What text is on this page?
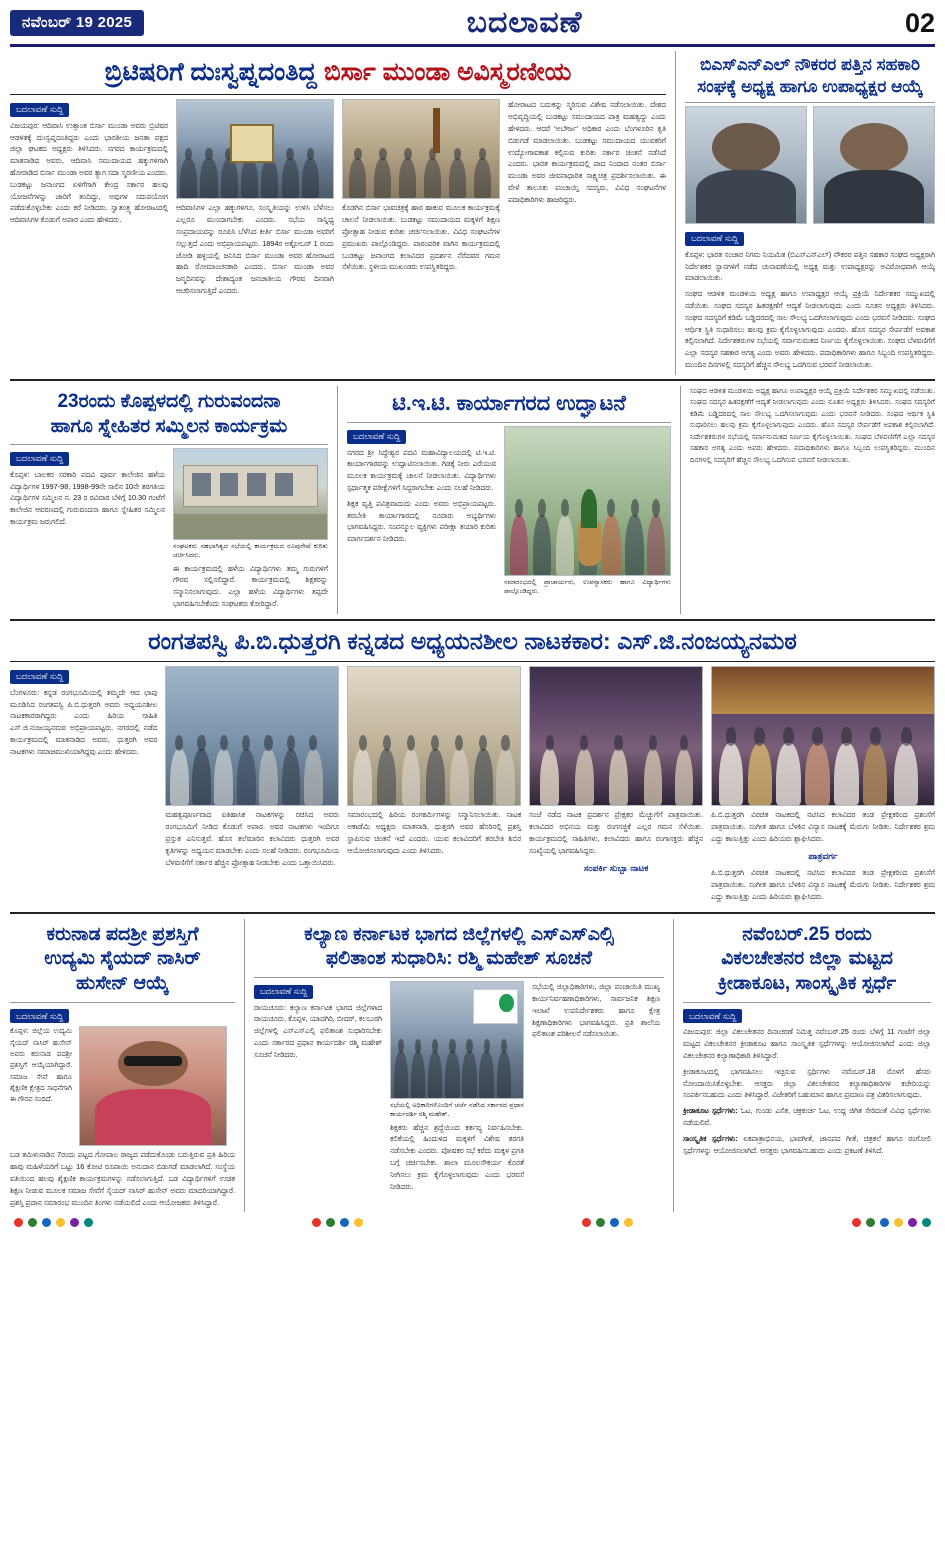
ನವೆಂಬರ್ 19 2025	ಬದಲಾವಣೆ	02
ಬ್ರಿಟಿಷರಿಗೆ ದುಃಸ್ವಪ್ನದಂತಿದ್ದ ಬಿರ್ಸಾ ಮುಂಡಾ ಅವಿಸ್ಮರಣೀಯ
ಬದಲಾವಣೆ ಸುದ್ದಿ

ವಿಜಯಪುರ: ಆದಿವಾಸಿ ಉತ್ಸಾಂತ ಬಿರ್ಸಾ ಮುಂಡಾ ಅವರು ಬ್ರಿಟಿಷರ ಆಡಳಿತಕ್ಕೆ ದುಃಸ್ವಪ್ನದಂತಿದ್ದರು ಎಂದು ಭಾರತೀಯ ಜನತಾ ಪಕ್ಷದ ಜಿಲ್ಲಾ ಘಟಕದ ಅಧ್ಯಕ್ಷರು ತಿಳಿಸಿದರು. ನಗರದ ಕಾರ್ಯಕ್ರಮದಲ್ಲಿ ಮಾತನಾಡಿದ ಅವರು, ಆದಿವಾಸಿ ಸಮುದಾಯದ ಹಕ್ಕುಗಳಿಗಾಗಿ ಹೋರಾಡಿದ ಬಿರ್ಸಾ ಮುಂಡಾ ಅವರ ತ್ಯಾಗ ಸದಾ ಸ್ಮರಣೀಯ ಎಂದರು. ಬುಡಕಟ್ಟು ಜನಾಂಗದ ಏಳಿಗೆಗಾಗಿ ಕೇಂದ್ರ ಸರ್ಕಾರ ಹಲವು ಯೋಜನೆಗಳನ್ನು ಜಾರಿಗೆ ತಂದಿದ್ದು, ಅವುಗಳ ಸದುಪಯೋಗ ಪಡೆದುಕೊಳ್ಳಬೇಕು ಎಂದು ಕರೆ ನೀಡಿದರು. ಸ್ವಾತಂತ್ರ್ಯ ಹೋರಾಟದಲ್ಲಿ ಆದಿವಾಸಿಗಳ ಕೊಡುಗೆ ಅಪಾರ ಎಂದು ಹೇಳಿದರು.

ಆದಿವಾಸಿಗಳ ಎಲ್ಲಾ ಹಕ್ಕುಗಳಿಗೂ, ಸಂಸ್ಕೃತಿಯನ್ನು ಉಳಿಸಿ ಬೆಳೆಸಲು ಎಲ್ಲರೂ ಮುಂದಾಗಬೇಕು ಎಂದರು. ಸಭೆಯ ಸಾನ್ನಿಧ್ಯ ಸಂಪ್ರದಾಯವನ್ನು ರೂಪಿಸಿ ಬೆಳೆಸಿದ ಕೀರ್ತಿ ಬಿರ್ಸಾ ಮುಂಡಾ ಅವರಿಗೆ ಸಲ್ಲುತ್ತದೆ ಎಂದು ಅಭಿಪ್ರಾಯಪಟ್ಟರು. 1894ರ ಅಕ್ಟೋಬರ್ 1 ರಂದು ಜೋಡಿ ಹಳ್ಳಿಯಲ್ಲಿ ಜನಿಸಿದ ಬಿರ್ಸಾ ಮುಂಡಾ ಅವರ ಹೋರಾಟದ ಹಾದಿ ರೋಮಾಂಚನಕಾರಿ ಎಂದರು. ಬಿರ್ಸಾ ಮುಂಡಾ ಅವರ ಜನ್ಮದಿನವನ್ನು ದೇಶಾದ್ಯಂತ ಜನಜಾತೀಯ ಗೌರವ ದಿನವಾಗಿ ಆಚರಿಸಲಾಗುತ್ತಿದೆ ಎಂದರು.

ಕೊಡಗಿನ ಬಿರ್ಸಾ ಭಾವಚಿತ್ರಕ್ಕೆ ಹಾರ ಹಾಕುವ ಮೂಲಕ ಕಾರ್ಯಕ್ರಮಕ್ಕೆ ಚಾಲನೆ ನೀಡಲಾಯಿತು. ಬುಡಕಟ್ಟು ಸಮುದಾಯದ ಮಕ್ಕಳಿಗೆ ಶಿಕ್ಷಣ ಪ್ರೋತ್ಸಾಹ ನೀಡುವ ಕುರಿತು ಚರ್ಚಿಸಲಾಯಿತು. ವಿವಿಧ ಸಂಘಟನೆಗಳ ಪ್ರಮುಖರು ಪಾಲ್ಗೊಂಡಿದ್ದರು. ಪಾರಂಪರಿಕ ವಾಗಿನ ಕಾರ್ಯಕ್ರಮದಲ್ಲಿ ಬುಡಕಟ್ಟು ಜನಾಂಗದ ಕಲಾವಿದರ ಪ್ರದರ್ಶನ ನೆರೆದವರ ಗಮನ ಸೆಳೆಯಿತು. ಸ್ಥಳೀಯ ಮುಖಂಡರು ಉಪಸ್ಥಿತರಿದ್ದರು.

ಹೋರಾಟದ ಬದುಕನ್ನು ಸ್ಮರಿಸುವ ವಿಶೇಷ ನಡೆಸಲಾಯಿತು. ದೇಶದ ಅಭಿವೃದ್ಧಿಯಲ್ಲಿ ಬುಡಕಟ್ಟು ಸಮುದಾಯದ ಪಾತ್ರ ಮಹತ್ವದ್ದು ಎಂದು ಹೇಳಿದರು. ಆದರೆ 'ಅಬೌರ್ಜ' ಅಧಿಕಾರ ಎಂದು ಬೆಂಗಳೂರಿನ ಕೃತಿ ಬಿಡುಗಡೆ ಮಾಡಲಾಯಿತು. ಬುಡಕಟ್ಟು ಸಮುದಾಯದ ಯುವಕರಿಗೆ ಉದ್ಯೋಗಾವಕಾಶ ಕಲ್ಪಿಸುವ ಕುರಿತು ಸರ್ಕಾರ ಚಿಂತನೆ ನಡೆಸಿದೆ ಎಂದರು. ಭಾರತ ಕಾರ್ಯಕ್ರಮದಲ್ಲಿ ಪಾದ ನಿಂದಾದ ನಂತರ ಬಿರ್ಸಾ ಮುಂಡಾ ಅವರ ಜೀವನಾಧಾರಿತ ಸಾಕ್ಷ್ಯಚಿತ್ರ ಪ್ರದರ್ಶಿಸಲಾಯಿತು. ಈ ವೇಳೆ ತಾಲೂಕು ಪಂಚಾಯ್ತಿ ಸದಸ್ಯರು, ವಿವಿಧ ಸಂಘಟನೆಗಳ ಪದಾಧಿಕಾರಿಗಳು ಹಾಜರಿದ್ದರು.

ಬಿಎಸ್ಎನ್ಎಲ್ ನೌಕರರ ಪತ್ತಿನ ಸಹಕಾರಿ ಸಂಘಕ್ಕೆ ಅಧ್ಯಕ್ಷ ಹಾಗೂ ಉಪಾಧ್ಯಕ್ಷರ ಆಯ್ಕೆ
ಬದಲಾವಣೆ ಸುದ್ದಿ

ಕೊಪ್ಪಳ: ಭಾರತ ಸಂಚಾರ ನಿಗಮ ನಿಯಮಿತ (ಬಿಎಸ್ಎನ್ಎಲ್) ನೌಕರರ ಪತ್ತಿನ ಸಹಕಾರ ಸಂಘದ ಅಧ್ಯಕ್ಷರಾಗಿ ನಿರ್ದೇಶಕರ ಸ್ಥಾನಗಳಿಗೆ ನಡೆದ ಚುನಾವಣೆಯಲ್ಲಿ ಅಧ್ಯಕ್ಷ ಮತ್ತು ಉಪಾಧ್ಯಕ್ಷರನ್ನು ಅವಿರೋಧವಾಗಿ ಆಯ್ಕೆ ಮಾಡಲಾಯಿತು.

ಸಂಘದ ಆಡಳಿತ ಮಂಡಳಿಯ ಅಧ್ಯಕ್ಷ ಹಾಗೂ ಉಪಾಧ್ಯಕ್ಷರ ಆಯ್ಕೆ ಪ್ರಕ್ರಿಯೆ ನಿರ್ದೇಶಕರ ಸಮ್ಮುಖದಲ್ಲಿ ನಡೆಯಿತು. ಸಂಘದ ಸದಸ್ಯರ ಹಿತರಕ್ಷಣೆಗೆ ಆದ್ಯತೆ ನೀಡಲಾಗುವುದು ಎಂದು ನೂತನ ಅಧ್ಯಕ್ಷರು ತಿಳಿಸಿದರು. ಸಂಘದ ಸದಸ್ಯರಿಗೆ ಕಡಿಮೆ ಬಡ್ಡಿದರದಲ್ಲಿ ಸಾಲ ಸೌಲಭ್ಯ ಒದಗಿಸಲಾಗುವುದು ಎಂದು ಭರವಸೆ ನೀಡಿದರು. ಸಂಘದ ಆರ್ಥಿಕ ಸ್ಥಿತಿ ಸುಧಾರಿಸಲು ಹಲವು ಕ್ರಮ ಕೈಗೊಳ್ಳಲಾಗುವುದು ಎಂದರು. ಹೊಸ ಸದಸ್ಯರ ಸೇರ್ಪಡೆಗೆ ಅವಕಾಶ ಕಲ್ಪಿಸಲಾಗಿದೆ. ನಿರ್ದೇಶಕರುಗಳ ಸಭೆಯಲ್ಲಿ ಸರ್ವಾನುಮತದ ನಿರ್ಣಯ ಕೈಗೊಳ್ಳಲಾಯಿತು. ಸಂಘದ ಬೆಳವಣಿಗೆಗೆ ಎಲ್ಲಾ ಸದಸ್ಯರ ಸಹಕಾರ ಅಗತ್ಯ ಎಂದು ಅವರು ಹೇಳಿದರು. ಪದಾಧಿಕಾರಿಗಳು ಹಾಗೂ ಸಿಬ್ಬಂದಿ ಉಪಸ್ಥಿತರಿದ್ದರು. ಮುಂದಿನ ದಿನಗಳಲ್ಲಿ ಸದಸ್ಯರಿಗೆ ಹೆಚ್ಚಿನ ಸೌಲಭ್ಯ ಒದಗಿಸುವ ಭರವಸೆ ನೀಡಲಾಯಿತು.

23ರಂದು ಕೊಪ್ಪಳದಲ್ಲಿ ಗುರುವಂದನಾ
ಹಾಗೂ ಸ್ನೇಹಿತರ ಸಮ್ಮಿಲನ ಕಾರ್ಯಕ್ರಮ
ಬದಲಾವಣೆ ಸುದ್ದಿ

ಕೊಪ್ಪಳ: ಬಾಲಕರ ಸರಕಾರಿ ಪದವಿ ಪೂರ್ವ ಕಾಲೇಜಿನ ಹಳೆಯ ವಿದ್ಯಾರ್ಥಿಗಳ 1997-98, 1998-99ನೇ ಸಾಲಿನ 10ನೇ ತರಗತಿಯ ವಿದ್ಯಾರ್ಥಿಗಳ ಸಮ್ಮಿಲನ ನ. 23 ರ ರವಿವಾರ ಬೆಳಿಗ್ಗೆ 10.30 ಗಂಟೆಗೆ ಕಾಲೇಜಿನ ಆವರಣದಲ್ಲಿ ಗುರುವಂದನಾ ಹಾಗೂ ಸ್ನೇಹಿತರ ಸಮ್ಮಿಲನ ಕಾರ್ಯಕ್ರಮ ಜರುಗಲಿದೆ.

ಸಂಘಟಕರು ಸಹಭಾಗಿತ್ವದ ಸಭೆಯಲ್ಲಿ ಕಾರ್ಯಕ್ರಮದ ರೂಪುರೇಷೆ ಕುರಿತು ಚರ್ಚಿಸಿದರು.

ಈ ಕಾರ್ಯಕ್ರಮದಲ್ಲಿ ಹಳೆಯ ವಿದ್ಯಾರ್ಥಿಗಳು ತಮ್ಮ ಗುರುಗಳಿಗೆ ಗೌರವ ಸಲ್ಲಿಸಲಿದ್ದಾರೆ. ಕಾರ್ಯಕ್ರಮದಲ್ಲಿ ಶಿಕ್ಷಕರನ್ನು ಸನ್ಮಾನಿಸಲಾಗುವುದು. ಎಲ್ಲಾ ಹಳೆಯ ವಿದ್ಯಾರ್ಥಿಗಳು ತಪ್ಪದೇ ಭಾಗವಹಿಸಬೇಕೆಂದು ಸಂಘಟಕರು ಕೋರಿದ್ದಾರೆ.

ಟಿ.ಇ.ಟಿ. ಕಾರ್ಯಾಗರದ ಉದ್ಘಾಟನೆ
ಬದಲಾವಣೆ ಸುದ್ದಿ

ನಗರದ ಶ್ರೀ ಸಿದ್ಧೇಶ್ವರ ಪದವಿ ಮಹಾವಿದ್ಯಾಲಯದಲ್ಲಿ ಟಿ.ಇ.ಟಿ. ಕಾರ್ಯಾಗಾರವನ್ನು ಉದ್ಘಾಟಿಸಲಾಯಿತು. ಗಿಡಕ್ಕೆ ನೀರು ಎರೆಯುವ ಮೂಲಕ ಕಾರ್ಯಕ್ರಮಕ್ಕೆ ಚಾಲನೆ ನೀಡಲಾಯಿತು. ವಿದ್ಯಾರ್ಥಿಗಳು ಸ್ಪರ್ಧಾತ್ಮಕ ಪರೀಕ್ಷೆಗಳಿಗೆ ಸಿದ್ಧರಾಗಬೇಕು ಎಂದು ಸಲಹೆ ನೀಡಿದರು.

ಶಿಕ್ಷಕ ವೃತ್ತಿ ಪವಿತ್ರವಾದುದು ಎಂದು ಅವರು ಅಭಿಪ್ರಾಯಪಟ್ಟರು. ತರಬೇತಿ ಕಾರ್ಯಾಗಾರದಲ್ಲಿ ನೂರಾರು ಅಭ್ಯರ್ಥಿಗಳು ಭಾಗವಹಿಸಿದ್ದರು. ಸಂಪನ್ಮೂಲ ವ್ಯಕ್ತಿಗಳು ಪರೀಕ್ಷಾ ತಯಾರಿ ಕುರಿತು ಮಾರ್ಗದರ್ಶನ ನೀಡಿದರು.

ಸಮಾರಂಭದಲ್ಲಿ ಪ್ರಾಚಾರ್ಯರು, ಉಪನ್ಯಾಸಕರು ಹಾಗೂ ವಿದ್ಯಾರ್ಥಿಗಳು ಪಾಲ್ಗೊಂಡಿದ್ದರು.

ಸಂಘದ ಆಡಳಿತ ಮಂಡಳಿಯ ಅಧ್ಯಕ್ಷ ಹಾಗೂ ಉಪಾಧ್ಯಕ್ಷರ ಆಯ್ಕೆ ಪ್ರಕ್ರಿಯೆ ನಿರ್ದೇಶಕರ ಸಮ್ಮುಖದಲ್ಲಿ ನಡೆಯಿತು. ಸಂಘದ ಸದಸ್ಯರ ಹಿತರಕ್ಷಣೆಗೆ ಆದ್ಯತೆ ನೀಡಲಾಗುವುದು ಎಂದು ನೂತನ ಅಧ್ಯಕ್ಷರು ತಿಳಿಸಿದರು. ಸಂಘದ ಸದಸ್ಯರಿಗೆ ಕಡಿಮೆ ಬಡ್ಡಿದರದಲ್ಲಿ ಸಾಲ ಸೌಲಭ್ಯ ಒದಗಿಸಲಾಗುವುದು ಎಂದು ಭರವಸೆ ನೀಡಿದರು. ಸಂಘದ ಆರ್ಥಿಕ ಸ್ಥಿತಿ ಸುಧಾರಿಸಲು ಹಲವು ಕ್ರಮ ಕೈಗೊಳ್ಳಲಾಗುವುದು ಎಂದರು. ಹೊಸ ಸದಸ್ಯರ ಸೇರ್ಪಡೆಗೆ ಅವಕಾಶ ಕಲ್ಪಿಸಲಾಗಿದೆ. ನಿರ್ದೇಶಕರುಗಳ ಸಭೆಯಲ್ಲಿ ಸರ್ವಾನುಮತದ ನಿರ್ಣಯ ಕೈಗೊಳ್ಳಲಾಯಿತು. ಸಂಘದ ಬೆಳವಣಿಗೆಗೆ ಎಲ್ಲಾ ಸದಸ್ಯರ ಸಹಕಾರ ಅಗತ್ಯ ಎಂದು ಅವರು ಹೇಳಿದರು. ಪದಾಧಿಕಾರಿಗಳು ಹಾಗೂ ಸಿಬ್ಬಂದಿ ಉಪಸ್ಥಿತರಿದ್ದರು. ಮುಂದಿನ ದಿನಗಳಲ್ಲಿ ಸದಸ್ಯರಿಗೆ ಹೆಚ್ಚಿನ ಸೌಲಭ್ಯ ಒದಗಿಸುವ ಭರವಸೆ ನೀಡಲಾಯಿತು.

ರಂಗತಪಸ್ವಿ ಪಿ.ಬಿ.ಧುತ್ತರಗಿ ಕನ್ನಡದ ಅಧ್ಯಯನಶೀಲ ನಾಟಕಕಾರ: ಎಸ್.ಜಿ.ನಂಜಯ್ಯನಮಠ
ಬದಲಾವಣೆ ಸುದ್ದಿ

ಬೆಂಗಳೂರು: ಕನ್ನಡ ರಂಗಭೂಮಿಯಲ್ಲಿ ತಮ್ಮದೇ ಆದ ಛಾಪು ಮೂಡಿಸಿದ ರಂಗತಪಸ್ವಿ ಪಿ.ಬಿ.ಧುತ್ತರಗಿ ಅವರು ಅಧ್ಯಯನಶೀಲ ನಾಟಕಕಾರರಾಗಿದ್ದರು ಎಂದು ಹಿರಿಯ ಸಾಹಿತಿ ಎಸ್.ಜಿ.ನಂಜಯ್ಯನಮಠ ಅಭಿಪ್ರಾಯಪಟ್ಟರು. ನಗರದಲ್ಲಿ ನಡೆದ ಕಾರ್ಯಕ್ರಮದಲ್ಲಿ ಮಾತನಾಡಿದ ಅವರು, ಧುತ್ತರಗಿ ಅವರ ನಾಟಕಗಳು ಸಮಾಜಮುಖಿಯಾಗಿದ್ದವು ಎಂದು ಹೇಳಿದರು.

ಮಹತ್ವಪೂರ್ಣವಾದ ಐತಿಹಾಸಿಕ ನಾಟಕಗಳನ್ನು ರಚಿಸಿದ ಅವರು ರಂಗಭೂಮಿಗೆ ನೀಡಿದ ಕೊಡುಗೆ ಅಪಾರ. ಅವರ ನಾಟಕಗಳು ಇಂದಿಗೂ ಪ್ರಸ್ತುತ ಎನಿಸುತ್ತವೆ. ಹೊಸ ತಲೆಮಾರಿನ ಕಲಾವಿದರು ಧುತ್ತರಗಿ ಅವರ ಕೃತಿಗಳನ್ನು ಅಧ್ಯಯನ ಮಾಡಬೇಕು ಎಂದು ಸಲಹೆ ನೀಡಿದರು. ರಂಗಭೂಮಿಯ ಬೆಳವಣಿಗೆಗೆ ಸರ್ಕಾರ ಹೆಚ್ಚಿನ ಪ್ರೋತ್ಸಾಹ ನೀಡಬೇಕು ಎಂದು ಒತ್ತಾಯಿಸಿದರು.

ಸಮಾರಂಭದಲ್ಲಿ ಹಿರಿಯ ರಂಗಕರ್ಮಿಗಳನ್ನು ಸನ್ಮಾನಿಸಲಾಯಿತು. ನಾಟಕ ಅಕಾಡೆಮಿ ಅಧ್ಯಕ್ಷರು ಮಾತನಾಡಿ, ಧುತ್ತರಗಿ ಅವರ ಹೆಸರಿನಲ್ಲಿ ಪ್ರಶಸ್ತಿ ಸ್ಥಾಪಿಸುವ ಚಿಂತನೆ ಇದೆ ಎಂದರು. ಯುವ ಕಲಾವಿದರಿಗೆ ತರಬೇತಿ ಶಿಬಿರ ಆಯೋಜಿಸಲಾಗುವುದು ಎಂದು ತಿಳಿಸಿದರು.

ಸಂಜೆ ನಡೆದ ನಾಟಕ ಪ್ರದರ್ಶನ ಪ್ರೇಕ್ಷಕರ ಮೆಚ್ಚುಗೆಗೆ ಪಾತ್ರವಾಯಿತು. ಕಲಾವಿದರ ಅಭಿನಯ ಮತ್ತು ರಂಗಸಜ್ಜಿಕೆ ಎಲ್ಲರ ಗಮನ ಸೆಳೆಯಿತು. ಕಾರ್ಯಕ್ರಮದಲ್ಲಿ ಸಾಹಿತಿಗಳು, ಕಲಾವಿದರು ಹಾಗೂ ರಂಗಾಸಕ್ತರು ಹೆಚ್ಚಿನ ಸಂಖ್ಯೆಯಲ್ಲಿ ಭಾಗವಹಿಸಿದ್ದರು.

ಸಂಪರ್ಕಿ ಸುಬ್ಬಾ ನಾಟಕ

ಪಿ.ಬಿ.ಧುತ್ತರಗಿ ವಿರಚಿತ ನಾಟಕದಲ್ಲಿ ನಟಿಸಿದ ಕಲಾವಿದರ ತಂಡ ಪ್ರೇಕ್ಷಕರಿಂದ ಪ್ರಶಂಸೆಗೆ ಪಾತ್ರವಾಯಿತು. ಸಂಗೀತ ಹಾಗೂ ಬೆಳಕಿನ ವಿನ್ಯಾಸ ನಾಟಕಕ್ಕೆ ಮೆರುಗು ನೀಡಿತು. ನಿರ್ದೇಶಕರ ಶ್ರಮ ಎದ್ದು ಕಾಣುತ್ತಿತ್ತು ಎಂದು ಹಿರಿಯರು ಶ್ಲಾಘಿಸಿದರು.

ಪಾತ್ರವರ್ಗ

ಪಿ.ಬಿ.ಧುತ್ತರಗಿ ವಿರಚಿತ ನಾಟಕದಲ್ಲಿ ನಟಿಸಿದ ಕಲಾವಿದರ ತಂಡ ಪ್ರೇಕ್ಷಕರಿಂದ ಪ್ರಶಂಸೆಗೆ ಪಾತ್ರವಾಯಿತು. ಸಂಗೀತ ಹಾಗೂ ಬೆಳಕಿನ ವಿನ್ಯಾಸ ನಾಟಕಕ್ಕೆ ಮೆರುಗು ನೀಡಿತು. ನಿರ್ದೇಶಕರ ಶ್ರಮ ಎದ್ದು ಕಾಣುತ್ತಿತ್ತು ಎಂದು ಹಿರಿಯರು ಶ್ಲಾಘಿಸಿದರು.

ಕರುನಾಡ ಪದಶ್ರೀ ಪ್ರಶಸ್ತಿಗೆ
ಉದ್ಯಮಿ ಸೈಯದ್ ನಾಸಿರ್
ಹುಸೇನ್ ಆಯ್ಕೆ
ಬದಲಾವಣೆ ಸುದ್ದಿ

ಕೊಪ್ಪಳ: ಜಿಲ್ಲೆಯ ಉದ್ಯಮಿ ಸೈಯದ್ ನಾಸಿರ್ ಹುಸೇನ್ ಅವರು ಕರುನಾಡ ಪದಶ್ರೀ ಪ್ರಶಸ್ತಿಗೆ ಆಯ್ಕೆಯಾಗಿದ್ದಾರೆ. ಸಮಾಜ ಸೇವೆ ಹಾಗೂ ಶೈಕ್ಷಣಿಕ ಕ್ಷೇತ್ರದ ಸಾಧನೆಗಾಗಿ ಈ ಗೌರವ ಸಂದಿದೆ.

ಬಡ ತಮಿಳುನಾಡಿನ 7ರಂದು ಪಟ್ಟದ ಗೋಪಾಲ ರಾಜ್ಯದ ಪಡೆದುಕೊಂಡು ಬರುತ್ತಿರುವ ಪ್ರತಿ ಹಿರಿಯ ಹಾವು ಮಹಿಳೆಯರಿಗೆ ಒಟ್ಟು 16 ಕೋಟಿ ರೂಪಾಯಿ ಅನುದಾನ ಬಿಡುಗಡೆ ಮಾಡಲಾಗಿದೆ. ಸಂಸ್ಥೆಯ ವತಿಯಿಂದ ಹಲವು ಶೈಕ್ಷಣಿಕ ಕಾರ್ಯಕ್ರಮಗಳನ್ನು ನಡೆಸಲಾಗುತ್ತಿದೆ. ಬಡ ವಿದ್ಯಾರ್ಥಿಗಳಿಗೆ ಉಚಿತ ಶಿಕ್ಷಣ ನೀಡುವ ಮೂಲಕ ಸಮಾಜ ಸೇವೆಗೆ ಸೈಯದ್ ನಾಸಿರ್ ಹುಸೇನ್ ಅವರು ಮಾದರಿಯಾಗಿದ್ದಾರೆ. ಪ್ರಶಸ್ತಿ ಪ್ರದಾನ ಸಮಾರಂಭ ಮುಂದಿನ ತಿಂಗಳು ನಡೆಯಲಿದೆ ಎಂದು ಆಯೋಜಕರು ತಿಳಿಸಿದ್ದಾರೆ.

ಕಲ್ಯಾಣ ಕರ್ನಾಟಕ ಭಾಗದ ಜಿಲ್ಲೆಗಳಲ್ಲಿ ಎಸ್ಎಸ್ಎಲ್ಸಿ
ಫಲಿತಾಂಶ ಸುಧಾರಿಸಿ: ರಶ್ಮಿ ಮಹೇಶ್ ಸೂಚನೆ
ಬದಲಾವಣೆ ಸುದ್ದಿ

ರಾಯಚೂರು: ಕಲ್ಯಾಣ ಕರ್ನಾಟಕ ಭಾಗದ ಜಿಲ್ಲೆಗಳಾದ ರಾಯಚೂರು, ಕೊಪ್ಪಳ, ಯಾದಗಿರಿ, ಬೀದರ್, ಕಲಬುರಗಿ ಜಿಲ್ಲೆಗಳಲ್ಲಿ ಎಸ್ಎಸ್ಎಲ್ಸಿ ಫಲಿತಾಂಶ ಸುಧಾರಿಸಬೇಕು ಎಂದು ಸರ್ಕಾರದ ಪ್ರಧಾನ ಕಾರ್ಯದರ್ಶಿ ರಶ್ಮಿ ಮಹೇಶ್ ಸೂಚನೆ ನೀಡಿದರು.

ಸಭೆಯಲ್ಲಿ ಅಧಿಕಾರಿಗಳೊಂದಿಗೆ ಚರ್ಚೆ ನಡೆಸಿದ ಸರ್ಕಾರದ ಪ್ರಧಾನ ಕಾರ್ಯದರ್ಶಿ ರಶ್ಮಿ ಮಹೇಶ್.

ಶಿಕ್ಷಕರು ಹೆಚ್ಚಿನ ಶ್ರದ್ಧೆಯಿಂದ ಕರ್ತವ್ಯ ನಿರ್ವಹಿಸಬೇಕು. ಕಲಿಕೆಯಲ್ಲಿ ಹಿಂದುಳಿದ ಮಕ್ಕಳಿಗೆ ವಿಶೇಷ ತರಗತಿ ನಡೆಸಬೇಕು ಎಂದರು. ಪೋಷಕರ ಸಭೆ ಕರೆದು ಮಕ್ಕಳ ಪ್ರಗತಿ ಬಗ್ಗೆ ಚರ್ಚಿಸಬೇಕು. ಶಾಲಾ ಮೂಲಸೌಕರ್ಯ ಕೊರತೆ ನೀಗಿಸಲು ಕ್ರಮ ಕೈಗೊಳ್ಳಲಾಗುವುದು ಎಂದು ಭರವಸೆ ನೀಡಿದರು.

ಸಭೆಯಲ್ಲಿ ಜಿಲ್ಲಾಧಿಕಾರಿಗಳು, ಜಿಲ್ಲಾ ಪಂಚಾಯಿತಿ ಮುಖ್ಯ ಕಾರ್ಯನಿರ್ವಹಣಾಧಿಕಾರಿಗಳು, ಸಾರ್ವಜನಿಕ ಶಿಕ್ಷಣ ಇಲಾಖೆ ಉಪನಿರ್ದೇಶಕರು ಹಾಗೂ ಕ್ಷೇತ್ರ ಶಿಕ್ಷಣಾಧಿಕಾರಿಗಳು ಭಾಗವಹಿಸಿದ್ದರು. ಪ್ರತಿ ಶಾಲೆಯ ಫಲಿತಾಂಶ ಪರಿಶೀಲನೆ ನಡೆಸಲಾಯಿತು.

ನವೆಂಬರ್.25 ರಂದು
ವಿಕಲಚೇತನರ ಜಿಲ್ಲಾ ಮಟ್ಟದ
ಕ್ರೀಡಾಕೂಟ, ಸಾಂಸ್ಕೃತಿಕ ಸ್ಪರ್ಧೆ
ಬದಲಾವಣೆ ಸುದ್ದಿ

ವಿಜಯಪುರ: ಜಿಲ್ಲಾ ವಿಕಲಚೇತನರ ದಿನಾಚರಣೆ ನಿಮಿತ್ತ ನವೆಂಬರ್.25 ರಂದು ಬೆಳಿಗ್ಗೆ 11 ಗಂಟೆಗೆ ಜಿಲ್ಲಾ ಮಟ್ಟದ ವಿಕಲಚೇತನರ ಕ್ರೀಡಾಕೂಟ ಹಾಗೂ ಸಾಂಸ್ಕೃತಿಕ ಸ್ಪರ್ಧೆಗಳನ್ನು ಆಯೋಜಿಸಲಾಗಿದೆ ಎಂದು ಜಿಲ್ಲಾ ವಿಕಲಚೇತನರ ಕಲ್ಯಾಣಾಧಿಕಾರಿ ತಿಳಿಸಿದ್ದಾರೆ.

ಕ್ರೀಡಾಕೂಟದಲ್ಲಿ ಭಾಗವಹಿಸಲು ಇಚ್ಛಿಸುವ ಸ್ಪರ್ಧಿಗಳು ನವೆಂಬರ್.18 ರೊಳಗೆ ಹೆಸರು ನೋಂದಾಯಿಸಿಕೊಳ್ಳಬೇಕು. ಆಸಕ್ತರು ಜಿಲ್ಲಾ ವಿಕಲಚೇತನರ ಕಲ್ಯಾಣಾಧಿಕಾರಿಗಳ ಕಚೇರಿಯನ್ನು ಸಂಪರ್ಕಿಸಬಹುದು ಎಂದು ತಿಳಿಸಿದ್ದಾರೆ. ವಿಜೇತರಿಗೆ ಬಹುಮಾನ ಹಾಗೂ ಪ್ರಮಾಣ ಪತ್ರ ವಿತರಿಸಲಾಗುವುದು.

ಕ್ರೀಡಾಕೂಟ ಸ್ಪರ್ಧೆಗಳು: ಓಟ, ಗುಂಡು ಎಸೆತ, ಚಕ್ರಕುರ್ಚಿ ಓಟ, ಉದ್ದ ಜಿಗಿತ ಸೇರಿದಂತೆ ವಿವಿಧ ಸ್ಪರ್ಧೆಗಳು ನಡೆಯಲಿವೆ.

ಸಾಂಸ್ಕೃತಿಕ ಸ್ಪರ್ಧೆಗಳು: ಏಕಪಾತ್ರಾಭಿನಯ, ಭಾವಗೀತೆ, ಜಾನಪದ ಗೀತೆ, ಚಿತ್ರಕಲೆ ಹಾಗೂ ರಂಗೋಲಿ ಸ್ಪರ್ಧೆಗಳನ್ನು ಆಯೋಜಿಸಲಾಗಿದೆ. ಆಸಕ್ತರು ಭಾಗವಹಿಸಬಹುದು ಎಂದು ಪ್ರಕಟಣೆ ತಿಳಿಸಿದೆ.
